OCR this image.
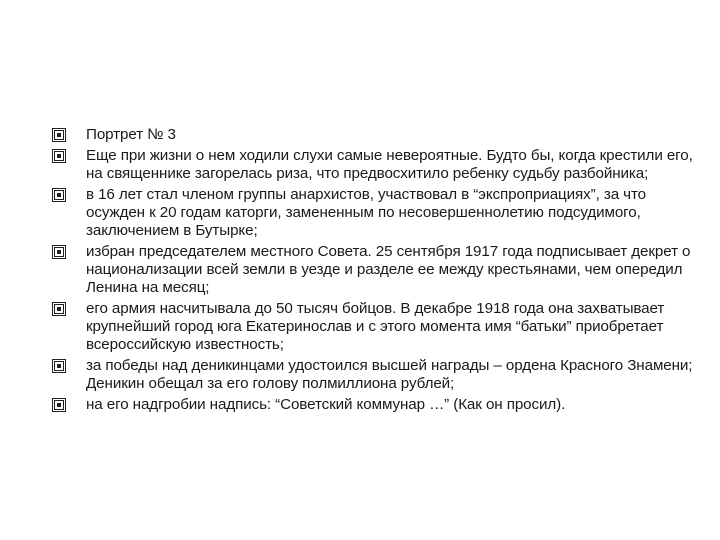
Портрет № 3
Еще при жизни о нем ходили слухи самые невероятные. Будто бы, когда крестили его, на священнике загорелась риза, что предвосхитило ребенку судьбу разбойника;
в 16 лет стал членом группы анархистов, участвовал в “экспроприациях”, за что осужден к 20 годам каторги, замененным по несовершеннолетию подсудимого, заключением в Бутырке;
избран председателем местного Совета. 25 сентября 1917 года подписывает декрет о национализации всей земли в уезде и разделе ее между крестьянами, чем опередил Ленина на месяц;
его армия насчитывала до 50 тысяч бойцов. В декабре 1918 года она захватывает крупнейший город юга Екатеринослав и с этого момента имя “батьки” приобретает всероссийскую известность;
за победы над деникинцами удостоился высшей награды – ордена Красного Знамени; Деникин обещал за его голову полмиллиона рублей;
на его надгробии надпись: “Советский коммунар …” (Как он просил).
